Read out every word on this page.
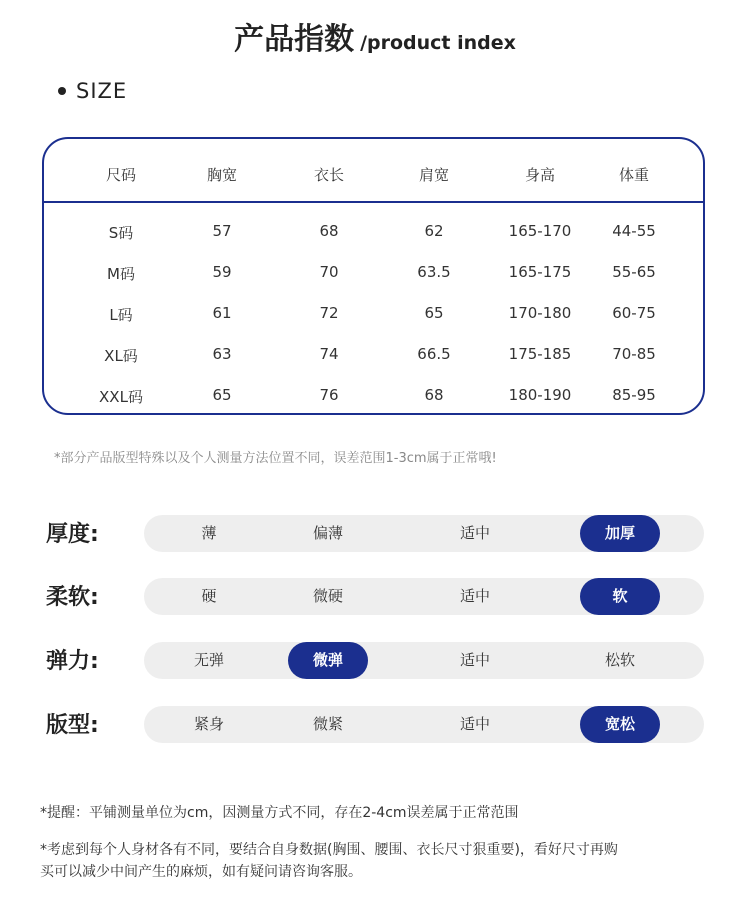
产品指数 /product index
SIZE
尺码	胸宽	衣长	肩宽	身高	体重
S码	57	68	62	165-170	44-55
M码	59	70	63.5	165-175	55-65
L码	61	72	65	170-180	60-75
XL码	63	74	66.5	175-185	70-85
XXL码	65	76	68	180-190	85-95
*部分产品版型特殊以及个人测量方法位置不同，误差范围1-3cm属于正常哦!
厚度:	薄	偏薄	适中	加厚
柔软:	硬	微硬	适中	软
弹力:	无弹	微弹	适中	松软
版型:	紧身	微紧	适中	宽松
*提醒：平铺测量单位为cm，因测量方式不同，存在2-4cm误差属于正常范围
*考虑到每个人身材各有不同，要结合自身数据(胸围、腰围、衣长尺寸狠重要)，看好尺寸再购
买可以减少中间产生的麻烦，如有疑问请咨询客服。
